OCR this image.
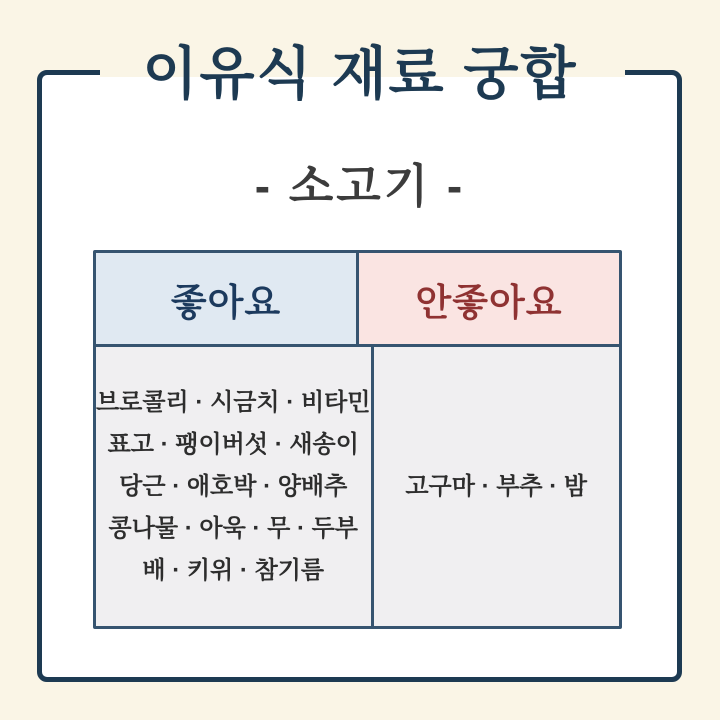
이유식 재료 궁합
- 소고기 -
좋아요	안좋아요
브로콜리 · 시금치 · 비타민
표고 · 팽이버섯 · 새송이
당근 · 애호박 · 양배추
콩나물 · 아욱 · 무 · 두부
배 · 키위 · 참기름
고구마 · 부추 · 밤
